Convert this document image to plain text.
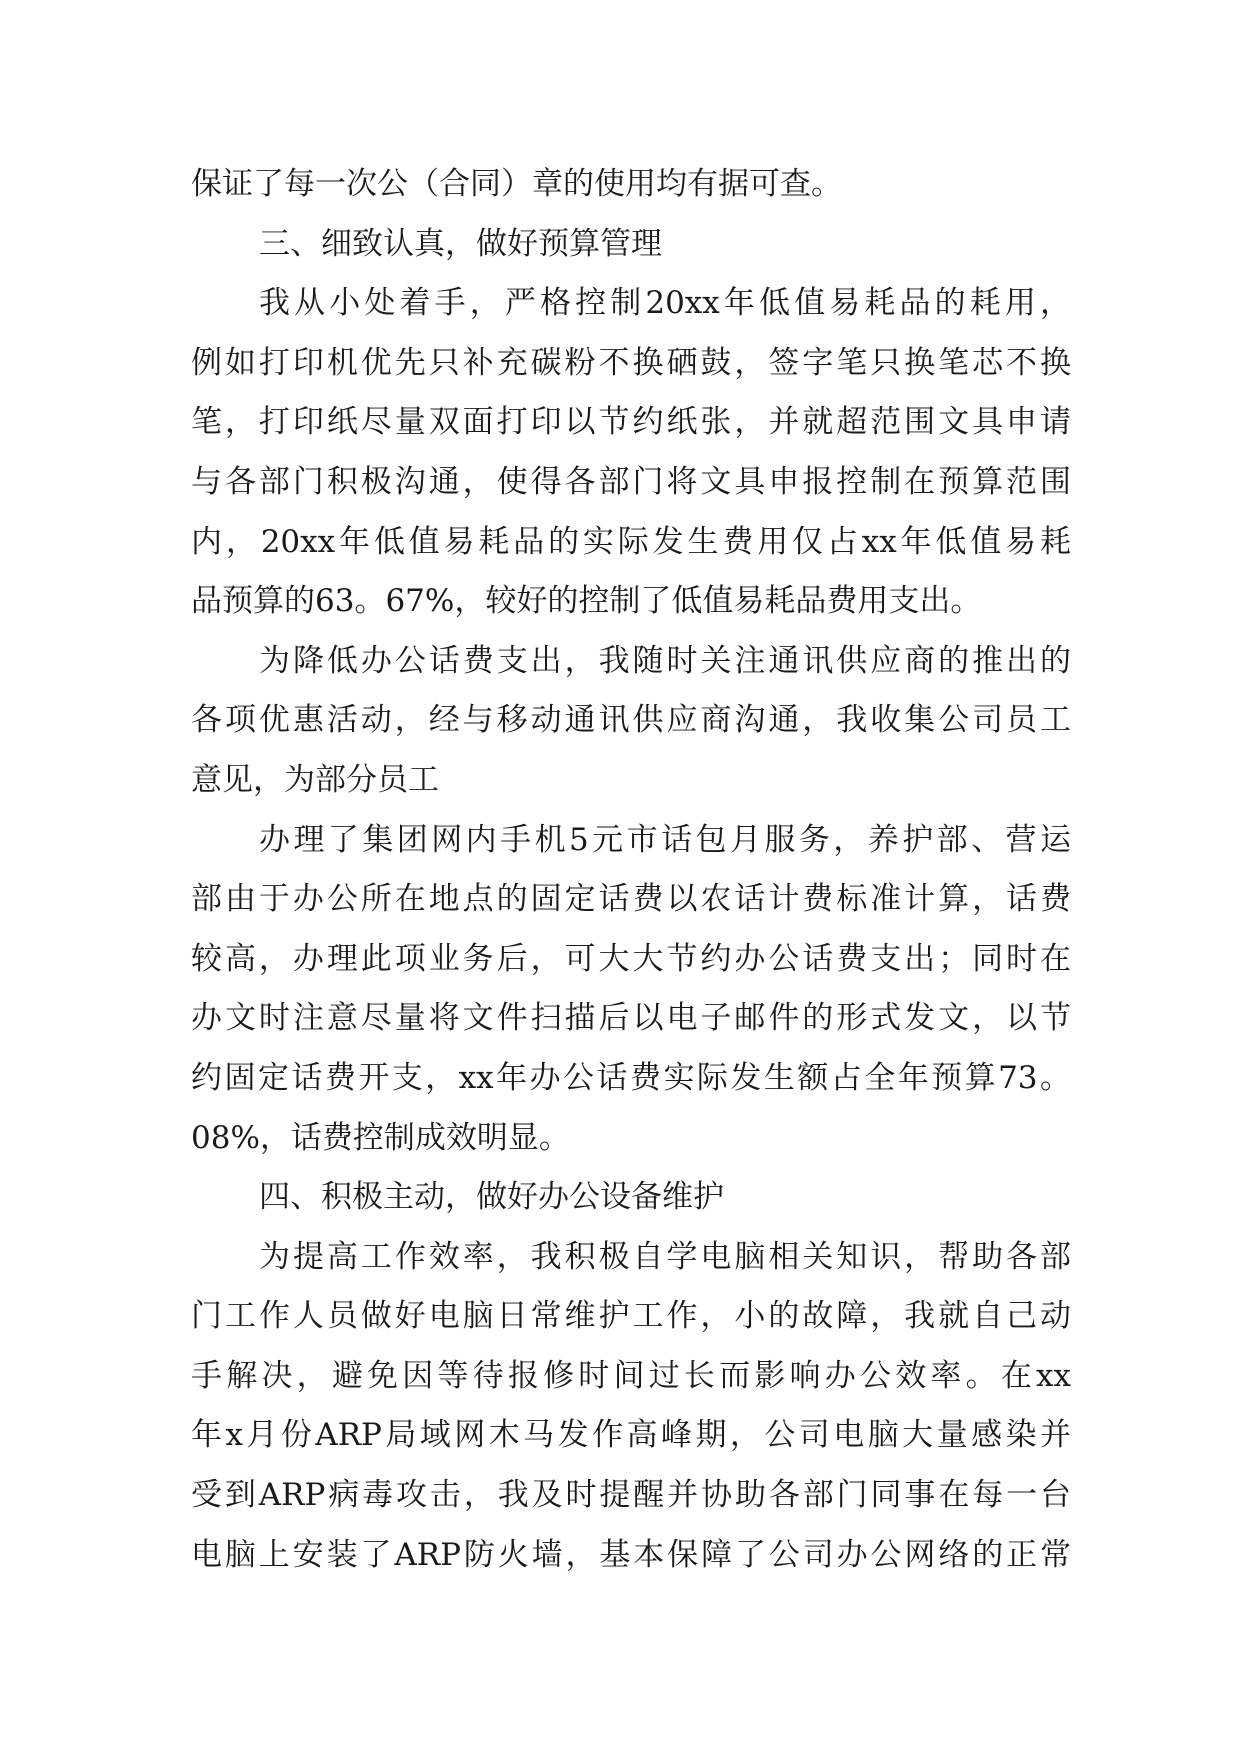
保证了每一次公（合同）章的使用均有据可查。
三、细致认真，做好预算管理
我从小处着手，严格控制20xx年低值易耗品的耗用，
例如打印机优先只补充碳粉不换硒鼓，签字笔只换笔芯不换
笔，打印纸尽量双面打印以节约纸张，并就超范围文具申请
与各部门积极沟通，使得各部门将文具申报控制在预算范围
内，20xx年低值易耗品的实际发生费用仅占xx年低值易耗
品预算的63。67%，较好的控制了低值易耗品费用支出。
为降低办公话费支出，我随时关注通讯供应商的推出的
各项优惠活动，经与移动通讯供应商沟通，我收集公司员工
意见，为部分员工
办理了集团网内手机5元市话包月服务，养护部、营运
部由于办公所在地点的固定话费以农话计费标准计算，话费
较高，办理此项业务后，可大大节约办公话费支出；同时在
办文时注意尽量将文件扫描后以电子邮件的形式发文，以节
约固定话费开支，xx年办公话费实际发生额占全年预算73。
08%，话费控制成效明显。
四、积极主动，做好办公设备维护
为提高工作效率，我积极自学电脑相关知识，帮助各部
门工作人员做好电脑日常维护工作，小的故障，我就自己动
手解决，避免因等待报修时间过长而影响办公效率。在xx
年x月份ARP局域网木马发作高峰期，公司电脑大量感染并
受到ARP病毒攻击，我及时提醒并协助各部门同事在每一台
电脑上安装了ARP防火墙，基本保障了公司办公网络的正常
